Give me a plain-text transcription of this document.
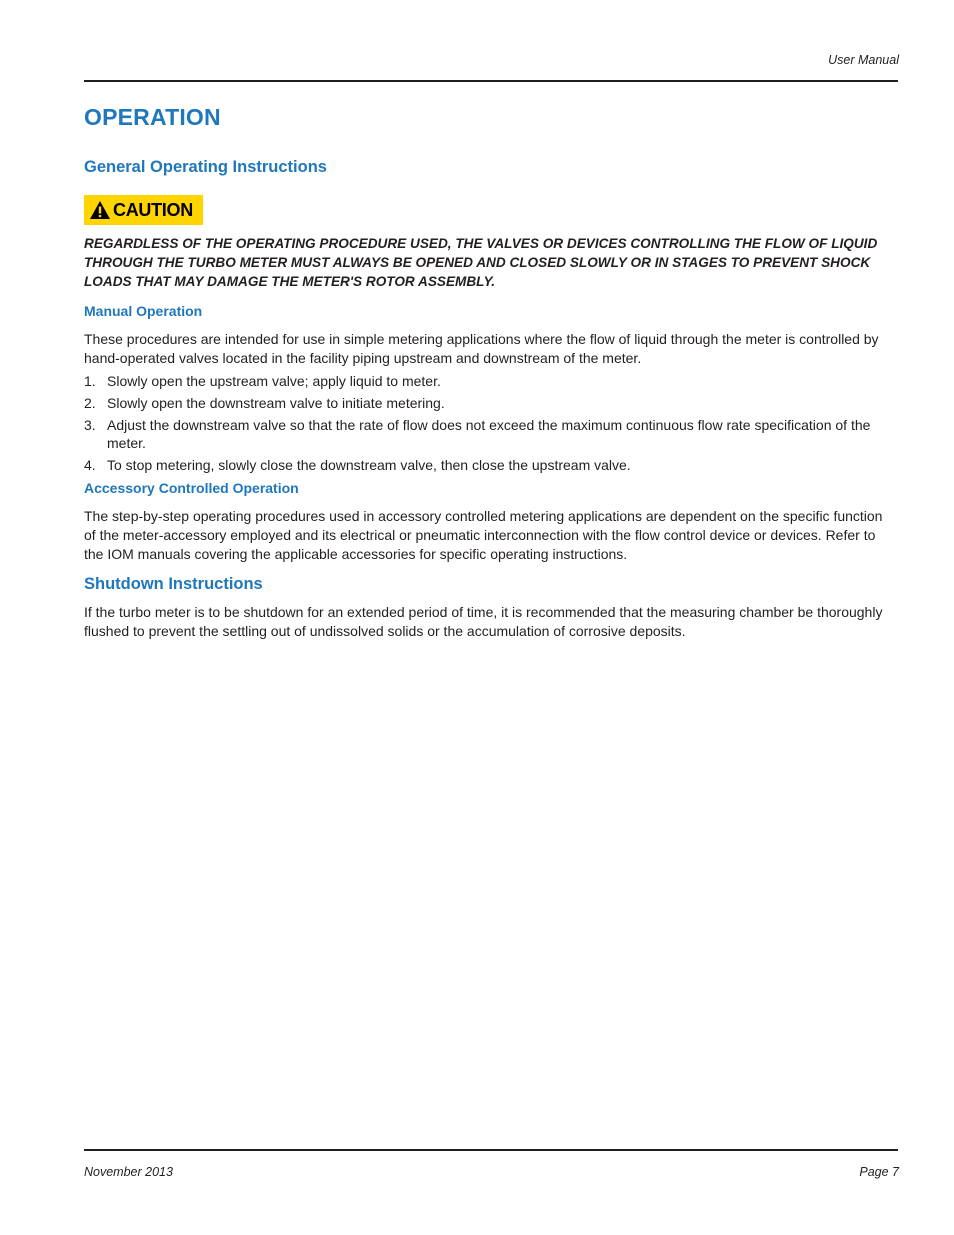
User Manual
OPERATION
General Operating Instructions
CAUTION
REGARDLESS OF THE OPERATING PROCEDURE USED, THE VALVES OR DEVICES CONTROLLING THE FLOW OF LIQUID THROUGH THE TURBO METER MUST ALWAYS BE OPENED AND CLOSED SLOWLY OR IN STAGES TO PREVENT SHOCK LOADS THAT MAY DAMAGE THE METER'S ROTOR ASSEMBLY.
Manual Operation

These procedures are intended for use in simple metering applications where the flow of liquid through the meter is controlled by hand-operated valves located in the facility piping upstream and downstream of the meter.

1. Slowly open the upstream valve; apply liquid to meter.
2. Slowly open the downstream valve to initiate metering.
3. Adjust the downstream valve so that the rate of flow does not exceed the maximum continuous flow rate specification of the meter.
4. To stop metering, slowly close the downstream valve, then close the upstream valve.
Accessory Controlled Operation

The step-by-step operating procedures used in accessory controlled metering applications are dependent on the specific function of the meter-accessory employed and its electrical or pneumatic interconnection with the flow control device or devices. Refer to the IOM manuals covering the applicable accessories for specific operating instructions.

Shutdown Instructions

If the turbo meter is to be shutdown for an extended period of time, it is recommended that the measuring chamber be thoroughly flushed to prevent the settling out of undissolved solids or the accumulation of corrosive deposits.

November 2013	Page 7
